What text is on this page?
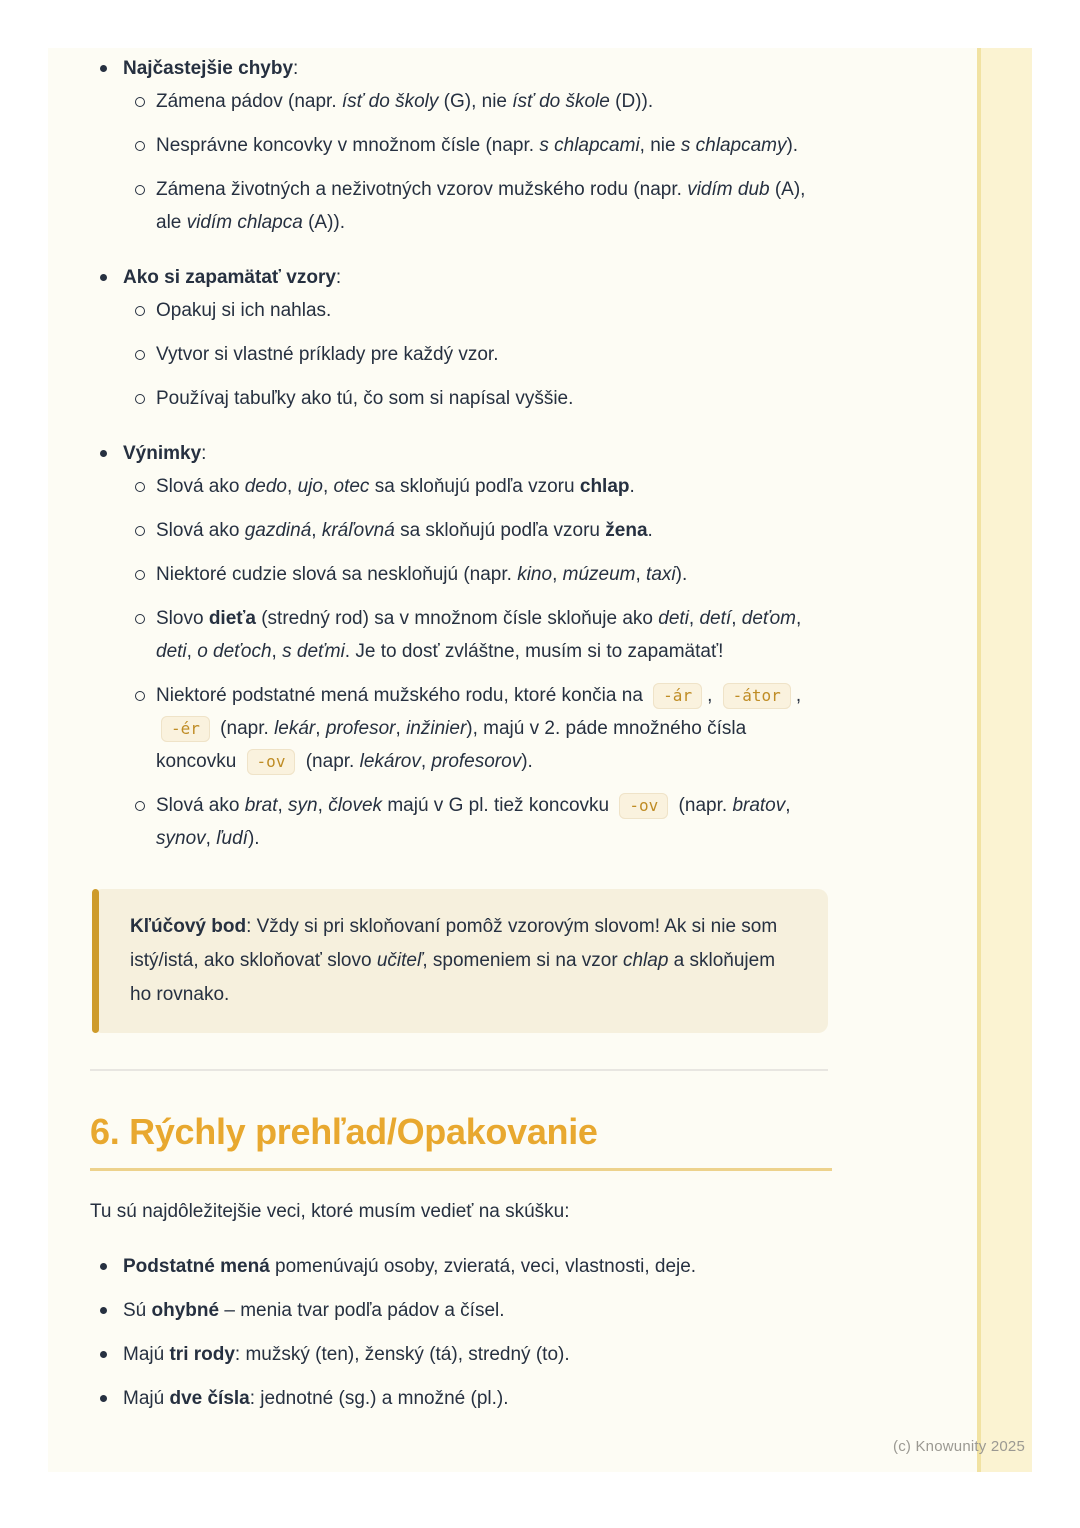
Najčastejšie chyby:

Zámena pádov (napr. ísť do školy (G), nie ísť do škole (D)).

Nesprávne koncovky v množnom čísle (napr. s chlapcami, nie s chlapcamy).

Zámena životných a neživotných vzorov mužského rodu (napr. vidím dub (A), ale vidím chlapca (A)).

Ako si zapamätať vzory:

Opakuj si ich nahlas.

Vytvor si vlastné príklady pre každý vzor.

Používaj tabuľky ako tú, čo som si napísal vyššie.

Výnimky:

Slová ako dedo, ujo, otec sa skloňujú podľa vzoru chlap.

Slová ako gazdiná, kráľovná sa skloňujú podľa vzoru žena.

Niektoré cudzie slová sa neskloňujú (napr. kino, múzeum, taxi).

Slovo dieťa (stredný rod) sa v množnom čísle skloňuje ako deti, detí, deťom, deti, o deťoch, s deťmi. Je to dosť zvláštne, musím si to zapamätať!

Niektoré podstatné mená mužského rodu, ktoré končia na -ár , -átor , -ér (napr. lekár, profesor, inžinier), majú v 2. páde množného čísla koncovku -ov (napr. lekárov, profesorov).

Slová ako brat, syn, človek majú v G pl. tiež koncovku -ov (napr. bratov, synov, ľudí).

Kľúčový bod: Vždy si pri skloňovaní pomôž vzorovým slovom! Ak si nie som istý/istá, ako skloňovať slovo učiteľ, spomeniem si na vzor chlap a skloňujem ho rovnako.

6. Rýchly prehľad/Opakovanie

Tu sú najdôležitejšie veci, ktoré musím vedieť na skúšku:

Podstatné mená pomenúvajú osoby, zvieratá, veci, vlastnosti, deje.

Sú ohybné – menia tvar podľa pádov a čísel.

Majú tri rody: mužský (ten), ženský (tá), stredný (to).

Majú dve čísla: jednotné (sg.) a množné (pl.).

(c) Knowunity 2025
